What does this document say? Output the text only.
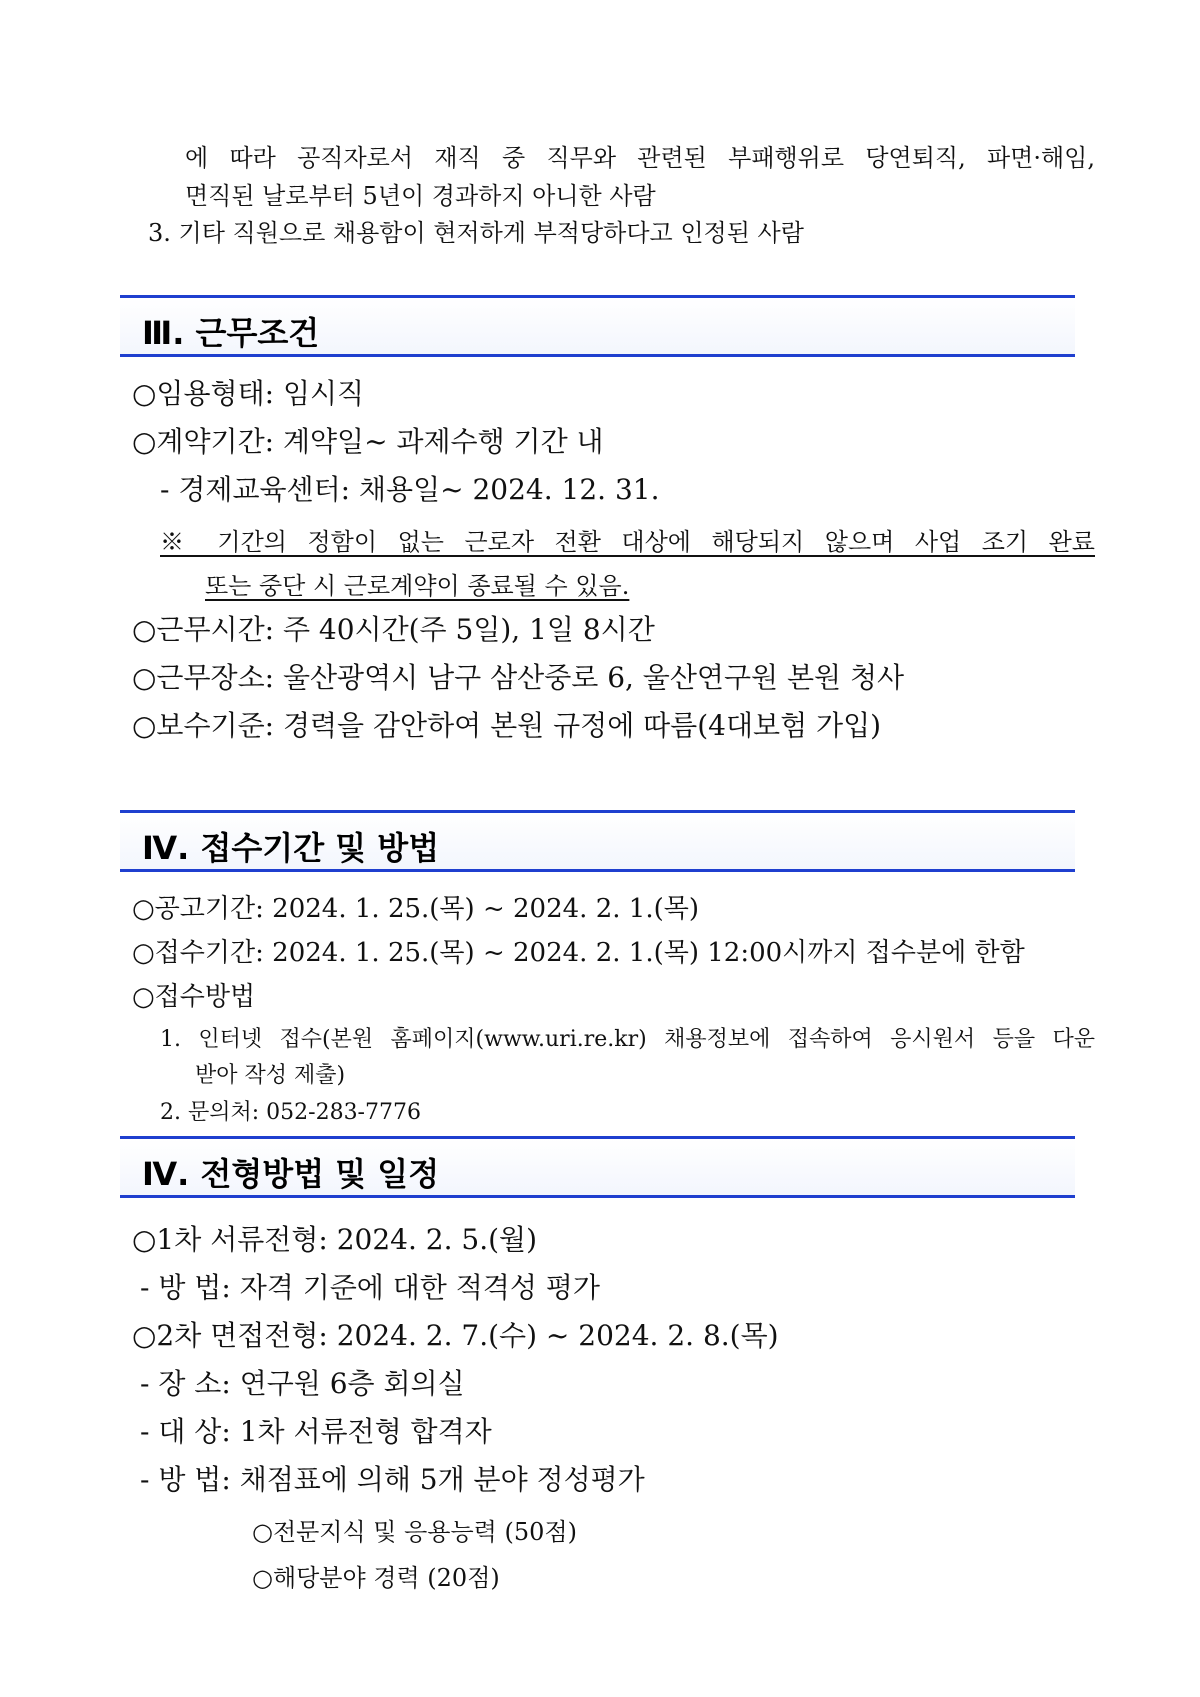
에 따라 공직자로서 재직 중 직무와 관련된 부패행위로 당연퇴직, 파면·해임,
면직된 날로부터 5년이 경과하지 아니한 사람
3. 기타 직원으로 채용함이 현저하게 부적당하다고 인정된 사람
Ⅲ. 근무조건
○임용형태: 임시직
○계약기간: 계약일~ 과제수행 기간 내
- 경제교육센터: 채용일~ 2024. 12. 31.
※ 기간의 정함이 없는 근로자 전환 대상에 해당되지 않으며 사업 조기 완료
또는 중단 시 근로계약이 종료될 수 있음.
○근무시간: 주 40시간(주 5일), 1일 8시간
○근무장소: 울산광역시 남구 삼산중로 6, 울산연구원 본원 청사
○보수기준: 경력을 감안하여 본원 규정에 따름(4대보험 가입)
Ⅳ. 접수기간 및 방법
○공고기간: 2024. 1. 25.(목) ~ 2024. 2. 1.(목)
○접수기간: 2024. 1. 25.(목) ~ 2024. 2. 1.(목) 12:00시까지 접수분에 한함
○접수방법
1. 인터넷 접수(본원 홈페이지(www.uri.re.kr) 채용정보에 접속하여 응시원서 등을 다운
받아 작성 제출)
2. 문의처: 052-283-7776
Ⅳ. 전형방법 및 일정
○1차 서류전형: 2024. 2. 5.(월)
- 방 법: 자격 기준에 대한 적격성 평가
○2차 면접전형: 2024. 2. 7.(수) ~ 2024. 2. 8.(목)
- 장 소: 연구원 6층 회의실
- 대 상: 1차 서류전형 합격자
- 방 법: 채점표에 의해 5개 분야 정성평가
○전문지식 및 응용능력 (50점)
○해당분야 경력 (20점)
